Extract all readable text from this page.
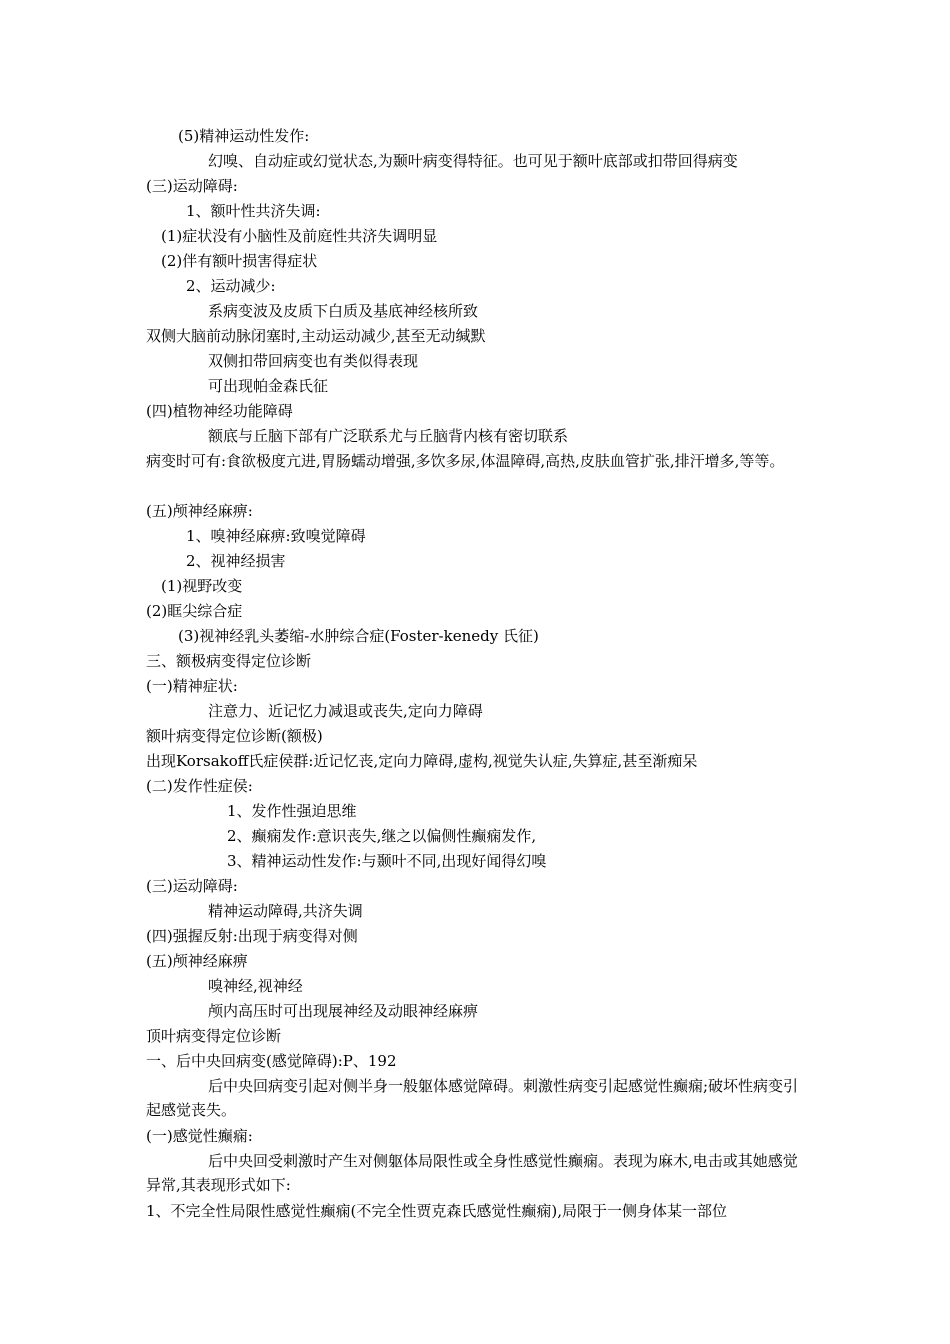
(5)精神运动性发作:
幻嗅、自动症或幻觉状态,为颞叶病变得特征。也可见于额叶底部或扣带回得病变
(三)运动障碍:
1、额叶性共济失调:
(1)症状没有小脑性及前庭性共济失调明显
(2)伴有额叶损害得症状
2、运动减少:
系病变波及皮质下白质及基底神经核所致
双侧大脑前动脉闭塞时,主动运动减少,甚至无动缄默
双侧扣带回病变也有类似得表现
可出现帕金森氏征
(四)植物神经功能障碍
额底与丘脑下部有广泛联系尤与丘脑背内核有密切联系
病变时可有:食欲极度亢进,胃肠蠕动增强,多饮多尿,体温障碍,高热,皮肤血管扩张,排汗增多,等等。
(五)颅神经麻痹:
1、嗅神经麻痹:致嗅觉障碍
2、视神经损害
(1)视野改变
(2)眶尖综合症
(3)视神经乳头萎缩-水肿综合症(Foster-kenedy 氏征)
三、额极病变得定位诊断
(一)精神症状:
注意力、近记忆力减退或丧失,定向力障碍
额叶病变得定位诊断(额极)
出现Korsakoff氏症侯群:近记忆丧,定向力障碍,虚构,视觉失认症,失算症,甚至渐痴呆
(二)发作性症侯:
1、发作性强迫思维
2、癫痫发作:意识丧失,继之以偏侧性癫痫发作,
3、精神运动性发作:与颞叶不同,出现好闻得幻嗅
(三)运动障碍:
精神运动障碍,共济失调
(四)强握反射:出现于病变得对侧
(五)颅神经麻痹
嗅神经,视神经
颅内高压时可出现展神经及动眼神经麻痹
顶叶病变得定位诊断
一、后中央回病变(感觉障碍):P、192
后中央回病变引起对侧半身一般躯体感觉障碍。刺激性病变引起感觉性癫痫;破坏性病变引起感觉丧失。
(一)感觉性癫痫:
后中央回受刺激时产生对侧躯体局限性或全身性感觉性癫痫。表现为麻木,电击或其她感觉异常,其表现形式如下:
1、不完全性局限性感觉性癫痫(不完全性贾克森氏感觉性癫痫),局限于一侧身体某一部位
